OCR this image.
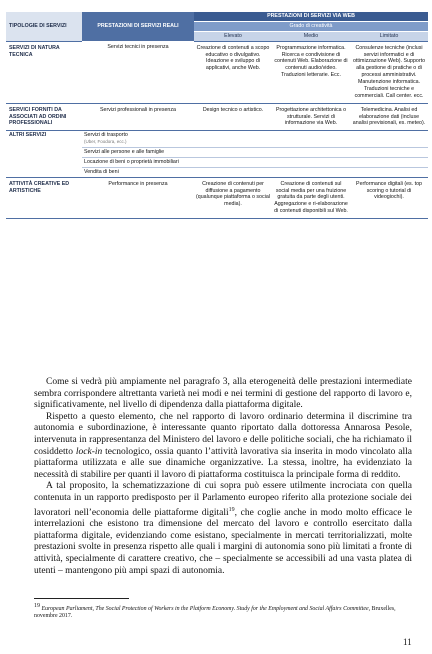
TIPOLOGIE DI SERVIZI	PRESTAZIONI DI SERVIZI REALI	PRESTAZIONI DI SERVIZI VIA WEB		
		Grado di creatività		
		Elevato	Medio	Limitato
SERVIZI DI NATURA TECNICA	Servizi tecnici in presenza	Creazione di contenuti a scopo educativo o divulgativo. Ideazione e sviluppo di applicativi, anche Web.	Programmazione informatica. Ricerca e condivisione di contenuti Web. Elaborazione di contenuti audio/video. Traduzioni letterarie. Ecc.	Consulenze tecniche (inclusi servizi informatici e di ottimizzazione Web). Supporto alla gestione di pratiche o di processi amministrativi. Manutenzione informatica. Traduzioni tecniche e commerciali. Call center. ecc.
SERVICI FORNITI DA ASSOCIATI AD ORDINI PROFESSIONALI	Servizi professionali in presenza	Design tecnico o artistico.	Progettazione architettonica o strutturale. Servizi di informazione via Web.	Telemedicina. Analisi ed elaborazione dati (incluse analisi previsionali, es. meteo).
ALTRI SERVIZI	Servizi di trasporto
(Uber, Foodora, ecc.)			
	Servizi alle persone e alle famiglie			
	Locazione di beni o proprietà immobiliari			
	Vendita di beni			
ATTIVITÀ CREATIVE ED ARTISTICHE	Performance in presenza	Creazione di contenuti per diffusione a pagamento (qualunque piattaforma o social media).	Creazione di contenuti sul social media per una fruizione gratuita da parte degli utenti. Aggregazione e ri-elaborazione di contenuti disponibili sul Web.	Performance digitali (es. top scoring o tutorial di videogiochi).

Come si vedrà più ampiamente nel paragrafo 3, alla eterogeneità delle prestazioni intermediate sembra corrispondere altrettanta varietà nei modi e nei termini di gestione del rapporto di lavoro e, significativamente, nel livello di dipendenza dalla piattaforma digitale.

Rispetto a questo elemento, che nel rapporto di lavoro ordinario determina il discrimine tra autonomia e subordinazione, è interessante quanto riportato dalla dottoressa Annarosa Pesole, intervenuta in rappresentanza del Ministero del lavoro e delle politiche sociali, che ha richiamato il cosiddetto lock-in tecnologico, ossia quanto l’attività lavorativa sia inserita in modo vincolato alla piattaforma utilizzata e alle sue dinamiche organizzative. La stessa, inoltre, ha evidenziato la necessità di stabilire per quanti il lavoro di piattaforma costituisca la principale forma di reddito.

A tal proposito, la schematizzazione di cui sopra può essere utilmente incrociata con quella contenuta in un rapporto predisposto per il Parlamento europeo riferito alla protezione sociale dei lavoratori nell’economia delle piattaforme digitali$^{19}$, che coglie anche in modo molto efficace le interrelazioni che esistono tra dimensione del mercato del lavoro e controllo esercitato dalla piattaforma digitale, evidenziando come esistano, specialmente in mercati territorializzati, molte prestazioni svolte in presenza rispetto alle quali i margini di autonomia sono più limitati a fronte di attività, specialmente di carattere creativo, che – specialmente se accessibili ad una vasta platea di utenti – mantengono più ampi spazi di autonomia.

$^{19}$ European Parliament, The Social Protection of Workers in the Platform Economy. Study for the Employment and Social Affairs Committee, Bruxelles, novembre 2017.
11
